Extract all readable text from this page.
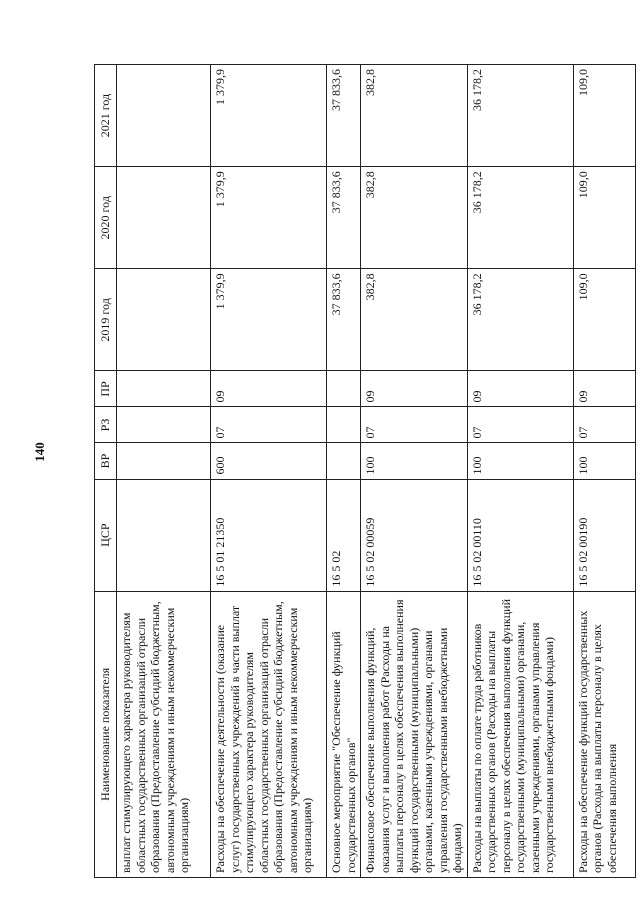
140
Наименование показателя	ЦСР	ВР	РЗ	ПР	2019 год	2020 год	2021 год
выплат стимулирующего характера руководителям областных государственных организаций отрасли образования (Предоставление субсидий бюджетным, автономным учреждениям и иным некоммерческим организациям)							
Расходы на обеспечение деятельности (оказание услуг) государственных учреждений в части выплат стимулирующего характера руководителям областных государственных организаций отрасли образования (Предоставление субсидий бюджетным, автономным учреждениям и иным некоммерческим организациям)	16 5 01 21350	600	07	09	1 379,9	1 379,9	1 379,9
Основное мероприятие "Обеспечение функций государственных органов"	16 5 02				37 833,6	37 833,6	37 833,6
Финансовое обеспечение выполнения функций, оказания услуг и выполнения работ (Расходы на выплаты персоналу в целях обеспечения выполнения функций государственными (муниципальными) органами, казенными учреждениями, органами управления государственными внебюджетными фондами)	16 5 02 00059	100	07	09	382,8	382,8	382,8
Расходы на выплаты по оплате труда работников государственных органов (Расходы на выплаты персоналу в целях обеспечения выполнения функций государственными (муниципальными) органами, казенными учреждениями, органами управления государственными внебюджетными фондами)	16 5 02 00110	100	07	09	36 178,2	36 178,2	36 178,2
Расходы на обеспечение функций государственных органов (Расходы на выплаты персоналу в целях обеспечения выполнения	16 5 02 00190	100	07	09	109,0	109,0	109,0
